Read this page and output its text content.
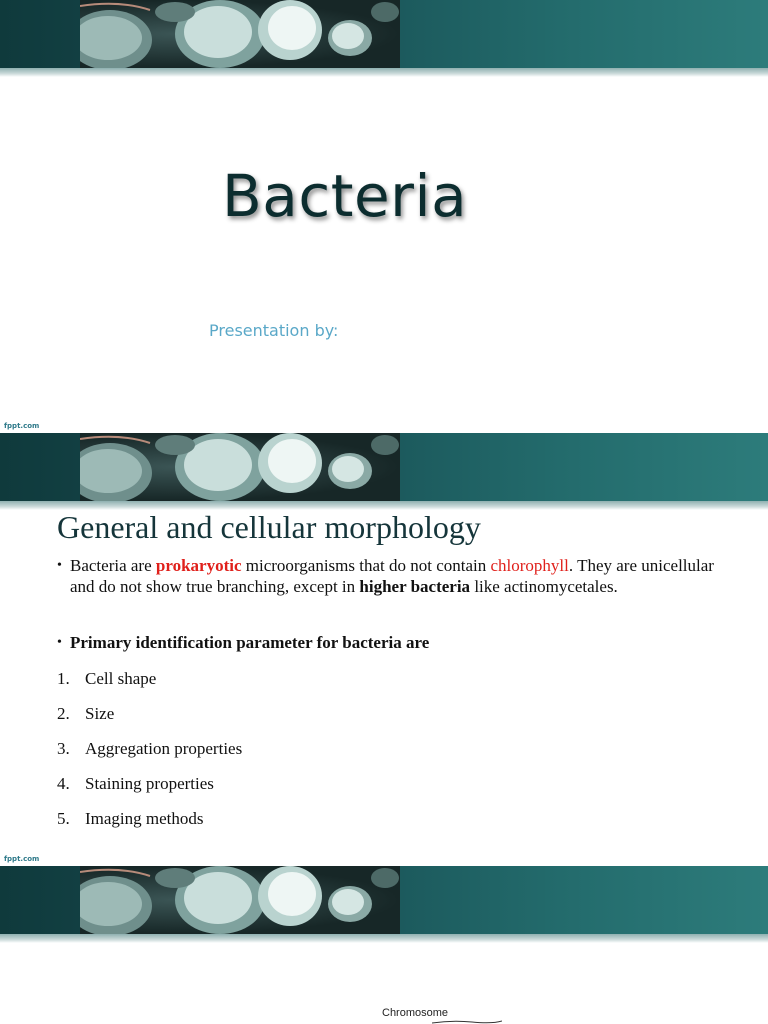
Bacteria
Presentation by:
fppt.com
General and cellular morphology
• Bacteria are prokaryotic microorganisms that do not contain chlorophyll. They are unicellular and do not show true branching, except in higher bacteria like actinomycetales.
• Primary identification parameter for bacteria are
1. Cell shape
2. Size
3. Aggregation properties
4. Staining properties
5. Imaging methods
fppt.com
Chromosome
